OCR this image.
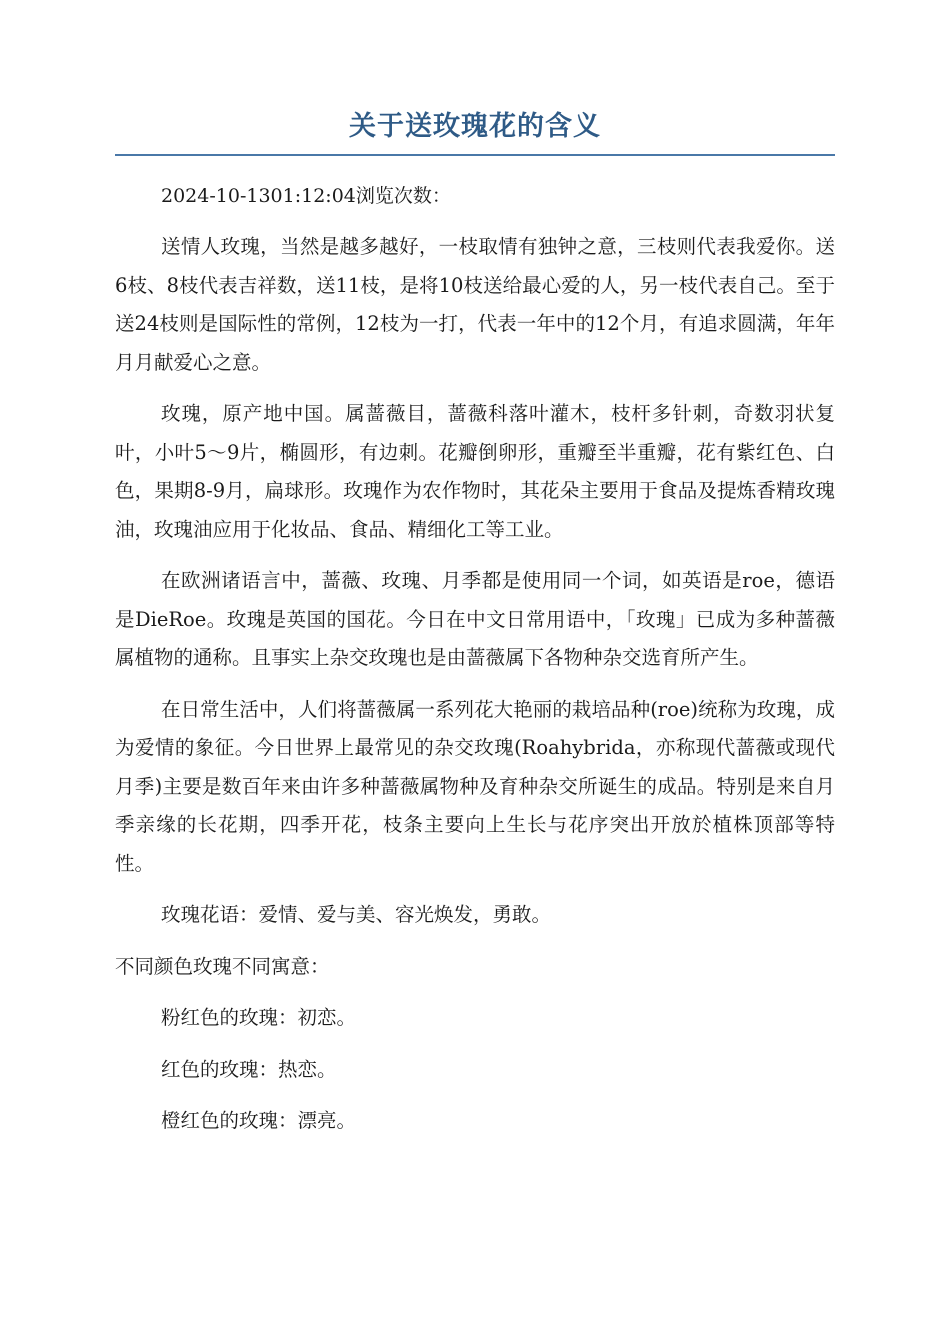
关于送玫瑰花的含义

2024-10-1301:12:04浏览次数：

送情人玫瑰，当然是越多越好，一枝取情有独钟之意，三枝则代表我爱你。送6枝、8枝代表吉祥数，送11枝，是将10枝送给最心爱的人，另一枝代表自己。至于送24枝则是国际性的常例，12枝为一打，代表一年中的12个月，有追求圆满，年年月月献爱心之意。

玫瑰，原产地中国。属蔷薇目，蔷薇科落叶灌木，枝杆多针刺，奇数羽状复叶，小叶5～9片，椭圆形，有边刺。花瓣倒卵形，重瓣至半重瓣，花有紫红色、白色，果期8-9月，扁球形。玫瑰作为农作物时，其花朵主要用于食品及提炼香精玫瑰油，玫瑰油应用于化妆品、食品、精细化工等工业。

在欧洲诸语言中，蔷薇、玫瑰、月季都是使用同一个词，如英语是roe，德语是DieRoe。玫瑰是英国的国花。今日在中文日常用语中，「玫瑰」已成为多种蔷薇属植物的通称。且事实上杂交玫瑰也是由蔷薇属下各物种杂交选育所产生。

在日常生活中，人们将蔷薇属一系列花大艳丽的栽培品种(roe)统称为玫瑰，成为爱情的象征。今日世界上最常见的杂交玫瑰(Roahybrida，亦称现代蔷薇或现代月季)主要是数百年来由许多种蔷薇属物种及育种杂交所诞生的成品。特别是来自月季亲缘的长花期，四季开花，枝条主要向上生长与花序突出开放於植株顶部等特性。

玫瑰花语：爱情、爱与美、容光焕发，勇敢。

不同颜色玫瑰不同寓意：

粉红色的玫瑰：初恋。

红色的玫瑰：热恋。

橙红色的玫瑰：漂亮。
